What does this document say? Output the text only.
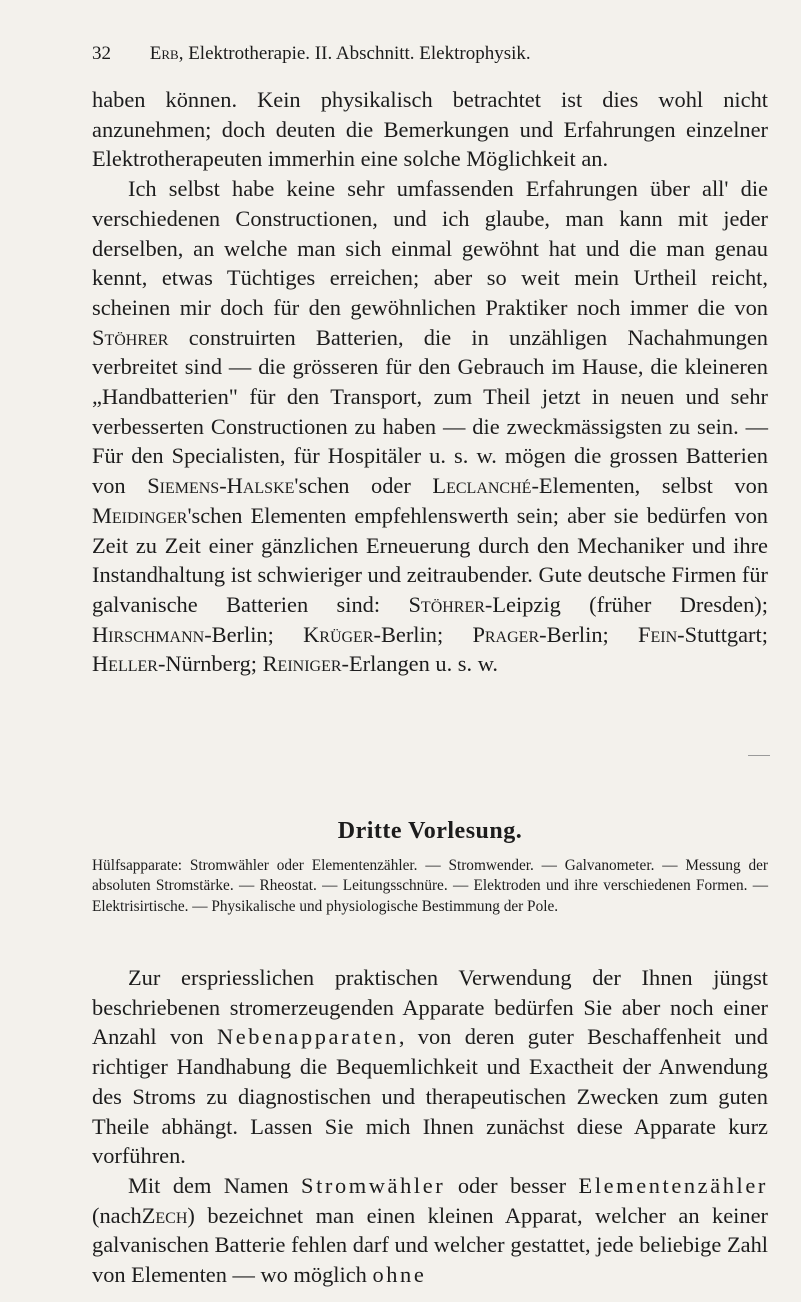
32 Erb, Elektrotherapie. II. Abschnitt. Elektrophysik.

haben können. Kein physikalisch betrachtet ist dies wohl nicht anzunehmen; doch deuten die Bemerkungen und Erfahrungen einzelner Elektrotherapeuten immerhin eine solche Möglichkeit an.

Ich selbst habe keine sehr umfassenden Erfahrungen über all' die verschiedenen Constructionen, und ich glaube, man kann mit jeder derselben, an welche man sich einmal gewöhnt hat und die man genau kennt, etwas Tüchtiges erreichen; aber so weit mein Urtheil reicht, scheinen mir doch für den gewöhnlichen Praktiker noch immer die von Stöhrer construirten Batterien, die in unzähligen Nachahmungen verbreitet sind — die grösseren für den Gebrauch im Hause, die kleineren „Handbatterien" für den Transport, zum Theil jetzt in neuen und sehr verbesserten Constructionen zu haben — die zweckmässigsten zu sein. — Für den Specialisten, für Hospitäler u. s. w. mögen die grossen Batterien von Siemens-Halske'schen oder Leclanché-Elementen, selbst von Meidinger'schen Elementen empfehlenswerth sein; aber sie bedürfen von Zeit zu Zeit einer gänzlichen Erneuerung durch den Mechaniker und ihre Instandhaltung ist schwieriger und zeitraubender. Gute deutsche Firmen für galvanische Batterien sind: Stöhrer-Leipzig (früher Dresden); Hirschmann-Berlin; Krüger-Berlin; Prager-Berlin; Fein-Stuttgart; Heller-Nürnberg; Reiniger-Erlangen u. s. w.

Dritte Vorlesung.

Hülfsapparate: Stromwähler oder Elementenzähler. — Stromwender. — Galvanometer. — Messung der absoluten Stromstärke. — Rheostat. — Leitungsschnüre. — Elektroden und ihre verschiedenen Formen. — Elektrisirtische. — Physikalische und physiologische Bestimmung der Pole.

Zur erspriesslichen praktischen Verwendung der Ihnen jüngst beschriebenen stromerzeugenden Apparate bedürfen Sie aber noch einer Anzahl von Nebenapparaten, von deren guter Beschaffenheit und richtiger Handhabung die Bequemlichkeit und Exactheit der Anwendung des Stroms zu diagnostischen und therapeutischen Zwecken zum guten Theile abhängt. Lassen Sie mich Ihnen zunächst diese Apparate kurz vorführen.

Mit dem Namen Stromwähler oder besser Elementenzähler (nachZech) bezeichnet man einen kleinen Apparat, welcher an keiner galvanischen Batterie fehlen darf und welcher gestattet, jede beliebige Zahl von Elementen — wo möglich ohne
